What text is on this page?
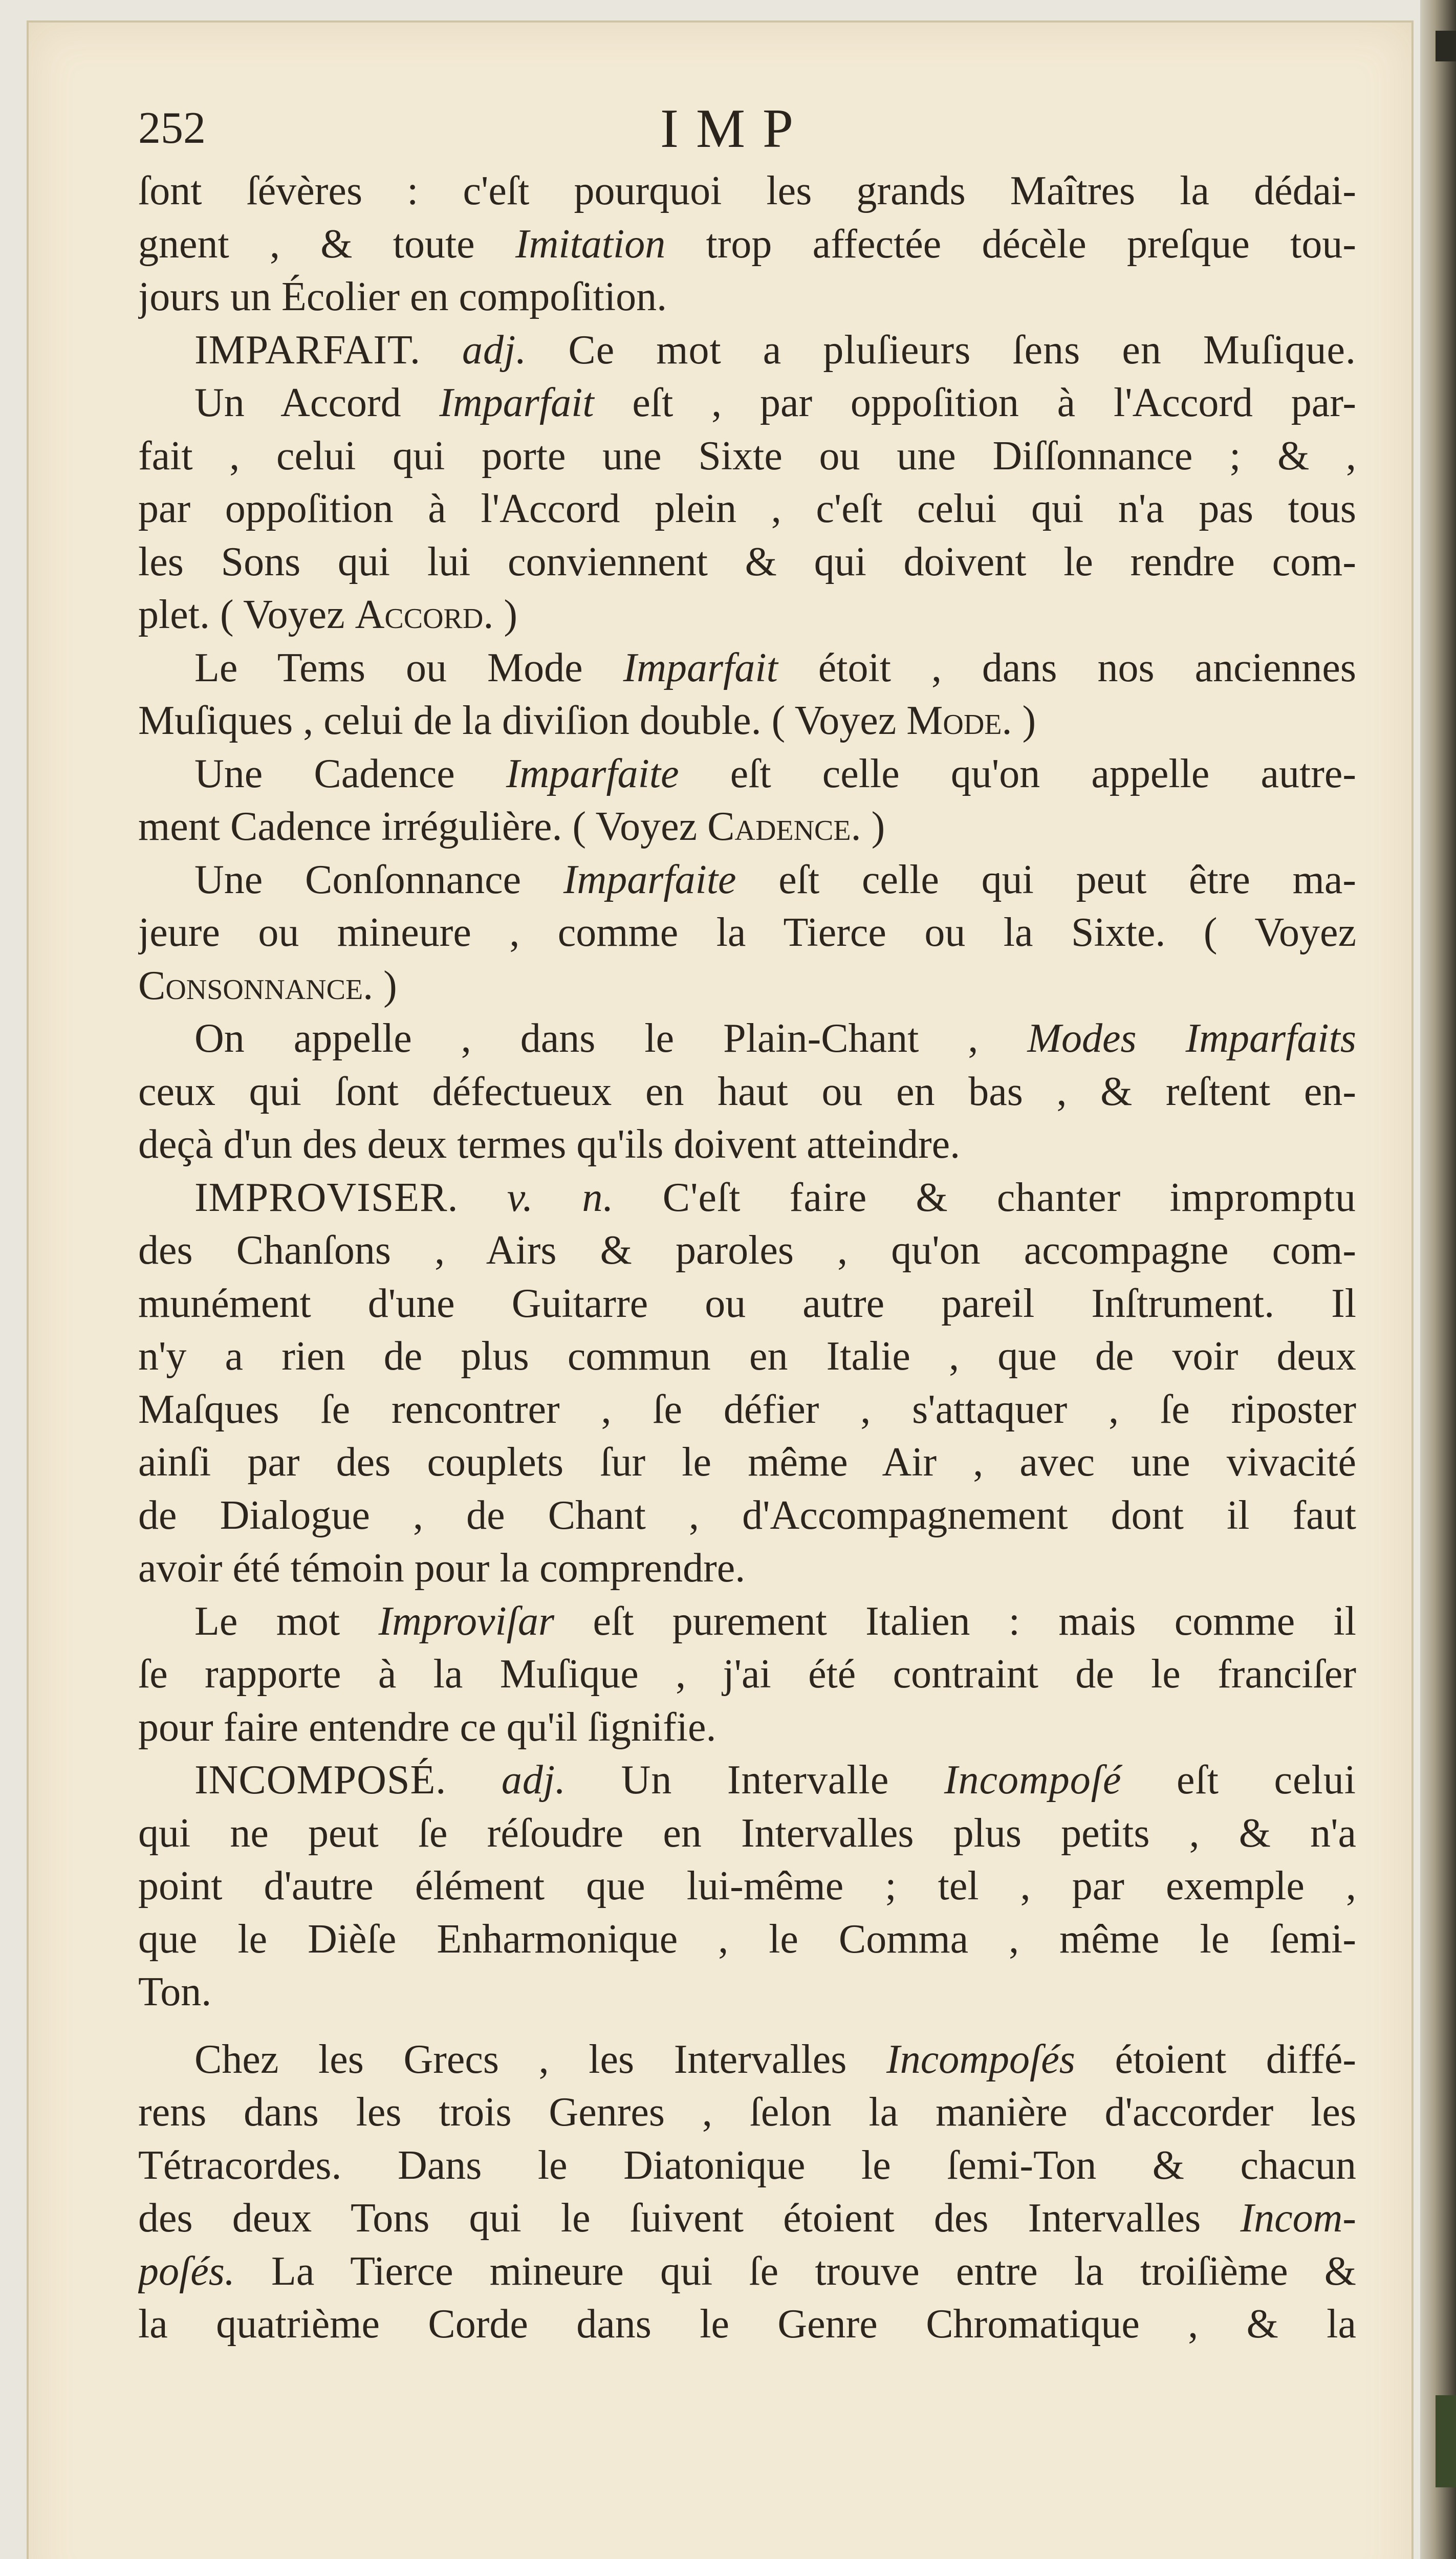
252	IMP
ſont ſévères : c'eſt pourquoi les grands Maîtres la dédai-
gnent , & toute Imitation trop affectée décèle preſque tou-
jours un Écolier en compoſition.
IMPARFAIT. adj. Ce mot a pluſieurs ſens en Muſique.
Un Accord Imparfait eſt , par oppoſition à l'Accord par-
fait , celui qui porte une Sixte ou une Diſſonnance ; & ,
par oppoſition à l'Accord plein , c'eſt celui qui n'a pas tous
les Sons qui lui conviennent & qui doivent le rendre com-
plet. ( Voyez Accord. )
Le Tems ou Mode Imparfait étoit , dans nos anciennes
Muſiques , celui de la diviſion double. ( Voyez Mode. )
Une Cadence Imparfaite eſt celle qu'on appelle autre-
ment Cadence irrégulière. ( Voyez Cadence. )
Une Conſonnance Imparfaite eſt celle qui peut être ma-
jeure ou mineure , comme la Tierce ou la Sixte. ( Voyez
Consonnance. )
On appelle , dans le Plain-Chant , Modes Imparfaits
ceux qui ſont défectueux en haut ou en bas , & reſtent en-
deçà d'un des deux termes qu'ils doivent atteindre.
IMPROVISER. v. n. C'eſt faire & chanter impromptu
des Chanſons , Airs & paroles , qu'on accompagne com-
munément d'une Guitarre ou autre pareil Inſtrument. Il
n'y a rien de plus commun en Italie , que de voir deux
Maſques ſe rencontrer , ſe défier , s'attaquer , ſe riposter
ainſi par des couplets ſur le même Air , avec une vivacité
de Dialogue , de Chant , d'Accompagnement dont il faut
avoir été témoin pour la comprendre.
Le mot Improviſar eſt purement Italien : mais comme il
ſe rapporte à la Muſique , j'ai été contraint de le franciſer
pour faire entendre ce qu'il ſignifie.
INCOMPOSÉ. adj. Un Intervalle Incompoſé eſt celui
qui ne peut ſe réſoudre en Intervalles plus petits , & n'a
point d'autre élément que lui-même ; tel , par exemple ,
que le Dièſe Enharmonique , le Comma , même le ſemi-
Ton.
Chez les Grecs , les Intervalles Incompoſés étoient diffé-
rens dans les trois Genres , ſelon la manière d'accorder les
Tétracordes. Dans le Diatonique le ſemi-Ton & chacun
des deux Tons qui le ſuivent étoient des Intervalles Incom-
poſés. La Tierce mineure qui ſe trouve entre la troiſième &
la quatrième Corde dans le Genre Chromatique , & la
